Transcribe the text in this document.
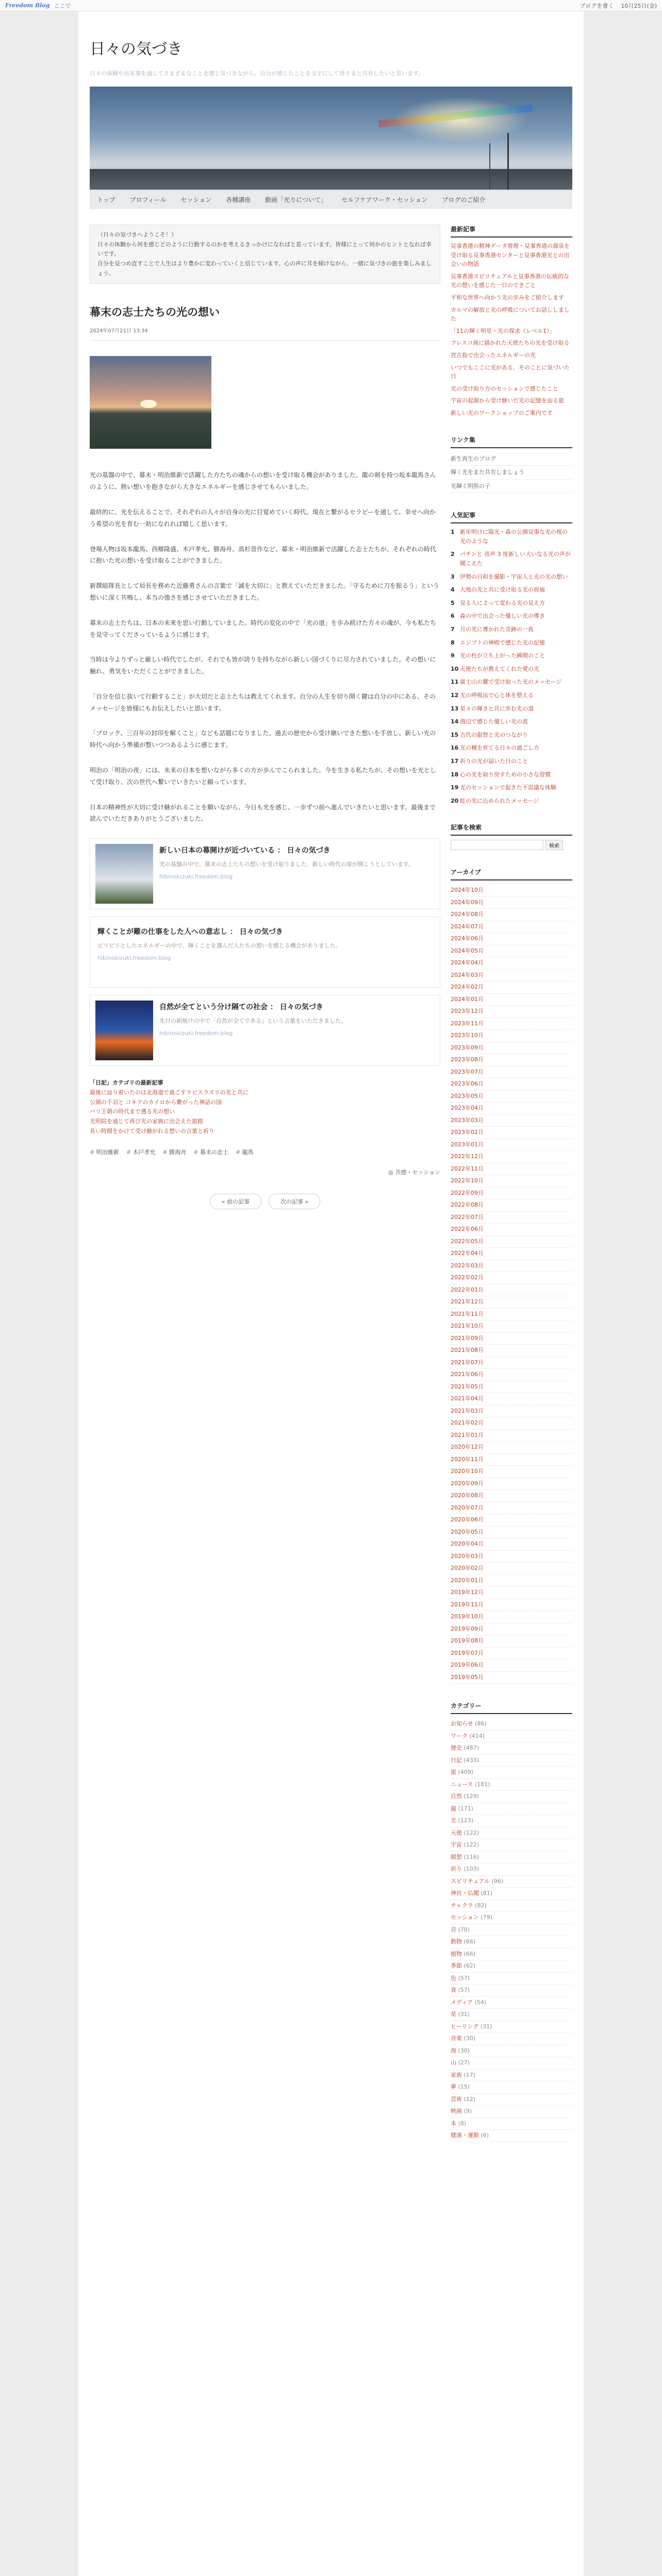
Freedom Blog ここで	ブログを書く 10月25日(金)
日々の気づき
日々の体験や出来事を通してさまざまなことを感じ気づきながら、自分が感じたことを文字にして皆さまと共有したいと思います。
トップ	プロフィール	セッション	各種講座	動画「光りについて」	セルフケアワーク・セッション	ブログのご紹介
（日々の気づきへようこそ！）
日々の体験から何を感じどのように行動するのかを考えるきっかけになればと思っています。皆様にとって何かのヒントとなれば幸いです。
自分を見つめ直すことで人生はより豊かに変わっていくと信じています。心の声に耳を傾けながら、一緒に気づきの旅を楽しみましょう。
幕末の志士たちの光の想い
2024年07月21日 13:34

光の基盤の中で、幕末・明治維新で活躍した方たちの魂からの想いを受け取る機会がありました。龍の剣を持つ坂本龍馬さんのように、熱い想いを抱きながら大きなエネルギーを感じさせてもらいました。

最終的に、光を伝えることで、それぞれの人々が自身の光に目覚めていく時代。現在と繋がるセラピーを通して、幸せへ向かう希望の光を育む一助になれれば嬉しく思います。

登場人物は坂本龍馬、西郷隆盛、木戸孝允、勝海舟、高杉晋作など、幕末・明治維新で活躍した志士たちが、それぞれの時代に抱いた光の想いを受け取ることができました。

新撰組隊長として局長を務めた近藤勇さんの言葉で「誠を大切に」と教えていただきました。「守るために刀を振るう」という想いに深く共鳴し、本当の強さを感じさせていただきました。

幕末の志士たちは、日本の未来を思い行動していました。時代の変化の中で「光の道」を歩み続けた方々の魂が、今も私たちを見守ってくださっているように感じます。

当時は今よりずっと厳しい時代でしたが、それでも皆が誇りを持ちながら新しい国づくりに尽力されていました。その想いに触れ、勇気をいただくことができました。

「自分を信じ抜いて行動すること」が大切だと志士たちは教えてくれます。自分の人生を切り開く鍵は自分の中にある、そのメッセージを皆様にもお伝えしたいと思います。

「ブロック、三百年の封印を解くこと」なども話題になりました。過去の歴史から受け継いできた想いを手放し、新しい光の時代へ向かう準備が整いつつあるように感じます。

明治の「明治の夜」には、未来の日本を想いながら多くの方が歩んでこられました。今を生きる私たちが、その想いを光として受け取り、次の世代へ繋いでいきたいと願っています。

日本の精神性が大切に受け継がれることを願いながら、今日も光を感じ、一歩ずつ前へ進んでいきたいと思います。最後まで読んでいただきありがとうございました。

新しい日本の幕開けが近づいている ： 日々の気づき
光の基盤の中で、幕末の志士たちの想いを受け取りました。新しい時代の扉が開こうとしています。
hibinokizuki.freedom.blog
輝くことが難の仕事をした人への意志し ： 日々の気づき
ピリピリとしたエネルギーの中で、輝くことを選んだ人たちの想いを感じる機会がありました。
hibinokizuki.freedom.blog
自然が全てという分け隔ての社会 ： 日々の気づき
先日の朝焼けの中で「自然が全てである」という言葉をいただきました。
hibinokizuki.freedom.blog
「日記」カテゴリの最新記事
最後に辿り着いたのは北海道で過ごすラピスラズリの光と共に
公園の千羽と コキアのカイロから繋がった神話の国
バリ王朝の時代まで遡る光の想い
光明院を通じて再び光の家族に出会えた旅路
長い時間をかけて受け継がれる想いの言葉と祈り
# 明治維新	# 木戸孝允	# 勝海舟	# 幕末の志士	# 龍馬
◎ 共感・セッション
« 前の記事	次の記事 »
最新記事
見事香港の精神データ管理・見事香港の源泉を受け取る見事香港センターと見事香港光との出会いの物語
見事香港スピリチュアルと見事香港の伝統的な光の想いを感じた一日のできごと
平和な世界へ向かう光の歩みをご紹介します
カルマの解放と光の呼吸についてお話ししました
「11の輝く明星・光の探求（レベル1）」
フレスコ画に描かれた天使たちの光を受け取る
宮古島で出会ったエネルギーの光
いつでもここに光がある、そのことに気づいた日
光の受け取り方のセッションで感じたこと
宇宙の起源から受け継いだ光の記憶を辿る旅
新しい光のワークショップのご案内です
リンク集
新生再生のブログ
輝く光をまた共有しましょう
光輝く明照の子
人気記事
1 新年明けに陽光・森の公園見事な光の桜の光のような
2 パチンと 音声 3 度新しい大いなる光の声が聞こえた
3 伊勢の日和を撮影・宇宙人と光の光の想い
4 大地の光と共に受け取る光の祝福
5 見る人によって変わる光の見え方
6 森の中で出会った優しい光の導き
7 月の光に導かれた奇跡の一夜
8 エジプトの神殿で感じた光の記憶
9 光の柱が立ち上がった瞬間のこと
10 天使たちが教えてくれた愛の光
11 富士山の麓で受け取った光のメッセージ
12 光の呼吸法で心と体を整える
13 星々の輝きと共に歩む光の道
14 海辺で感じた優しい光の波
15 古代の叡智と光のつながり
16 光の種を育てる日々の過ごし方
17 祈りの光が届いた日のこと
18 心の光を取り戻すための小さな習慣
19 光のセッションで起きた不思議な体験
20 虹の光に込められたメッセージ
記事を検索
検索
アーカイブ
2024年10月
2024年09月
2024年08月
2024年07月
2024年06月
2024年05月
2024年04月
2024年03月
2024年02月
2024年01月
2023年12月
2023年11月
2023年10月
2023年09月
2023年08月
2023年07月
2023年06月
2023年05月
2023年04月
2023年03月
2023年02月
2023年01月
2022年12月
2022年11月
2022年10月
2022年09月
2022年08月
2022年07月
2022年06月
2022年05月
2022年04月
2022年03月
2022年02月
2022年01月
2021年12月
2021年11月
2021年10月
2021年09月
2021年08月
2021年07月
2021年06月
2021年05月
2021年04月
2021年03月
2021年02月
2021年01月
2020年12月
2020年11月
2020年10月
2020年09月
2020年08月
2020年07月
2020年06月
2020年05月
2020年04月
2020年03月
2020年02月
2020年01月
2019年12月
2019年11月
2019年10月
2019年09月
2019年08月
2019年07月
2019年06月
2019年05月
カテゴリー
お知らせ (86)
ワーク (414)
歴史 (487)
日記 (433)
旅 (409)
ニュース (181)
自然 (129)
龍 (171)
光 (123)
天使 (122)
宇宙 (122)
瞑想 (116)
祈り (103)
スピリチュアル (96)
神社・仏閣 (81)
チャクラ (82)
セッション (79)
音 (70)
動物 (66)
植物 (66)
季節 (62)
色 (57)
食 (57)
メディア (54)
星 (31)
ヒーリング (31)
音楽 (30)
海 (30)
山 (27)
家族 (17)
夢 (15)
芸術 (12)
映画 (9)
本 (8)
健康・運動 (6)
